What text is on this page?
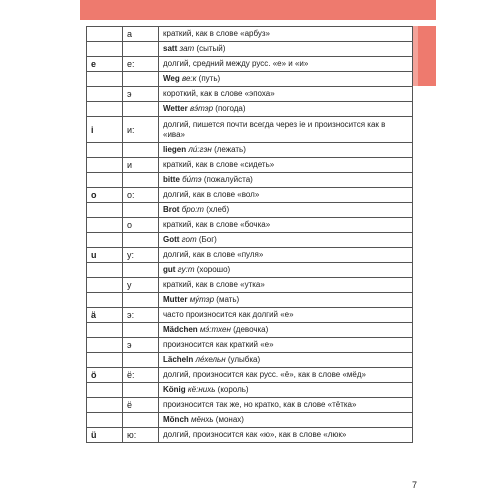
	а	краткий, как в слове «арбуз»
		satt зат (сытый)
e	е:	долгий, средний между русс. «е» и «и»
		Weg ве:к (путь)
	э	короткий, как в слове «эпоха»
		Wetter вэ́тэр (погода)
i	и:	долгий, пишется почти всегда через ie и произносится как в «ива»
		liegen ли́:гэн (лежать)
	и	краткий, как в слове «сидеть»
		bitte би́тэ (пожалуйста)
o	о:	долгий, как в слове «вол»
		Brot бро:т (хлеб)
	о	краткий, как в слове «бочка»
		Gott гот (Бог)
u	у:	долгий, как в слове «пуля»
		gut гу:т (хорошо)
	у	краткий, как в слове «утка»
		Mutter му́тэр (мать)
ä	э:	часто произносится как долгий «е»
		Mädchen мэ́:тхен (девочка)
	э	произносится как краткий «е»
		Lächeln ле́хельн (улыбка)
ö	ё:	долгий, произносится как русс. «ё», как в слове «мёд»
		König кё:нихь (король)
	ё	произносится так же, но кратко, как в слове «тётка»
		Mönch мёнхь (монах)
ü	ю:	долгий, произносится как «ю», как в слове «люк»
7
